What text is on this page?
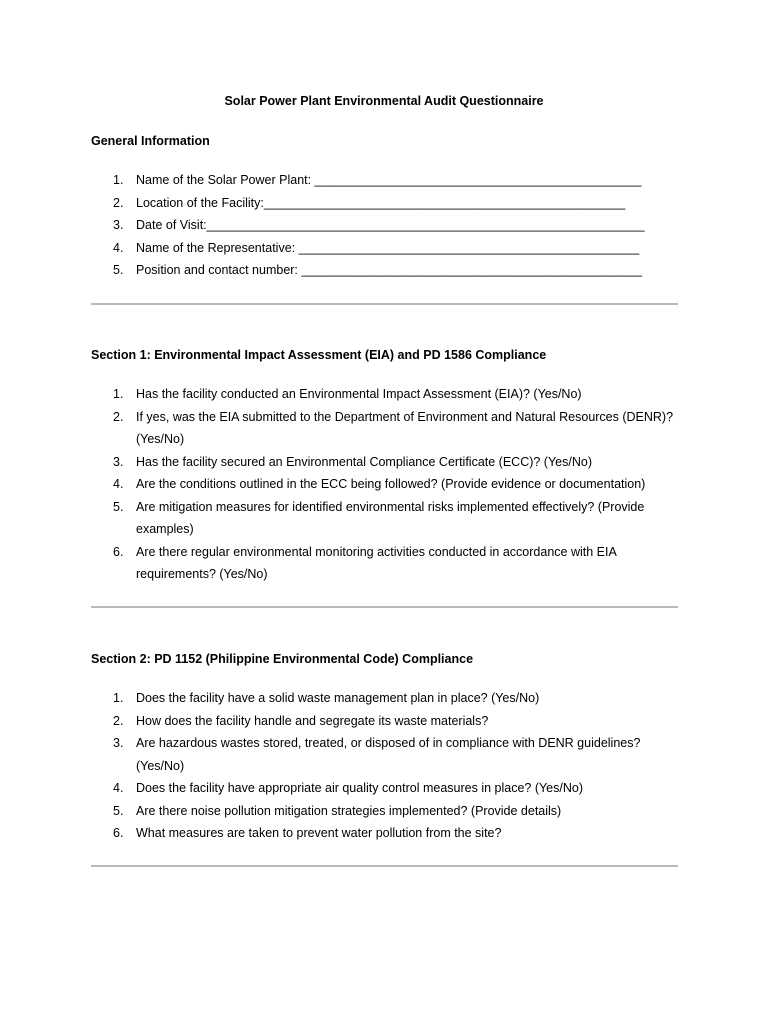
Solar Power Plant Environmental Audit Questionnaire
General Information
1. Name of the Solar Power Plant: _______________________________________________
2. Location of the Facility:____________________________________________________
3. Date of Visit:_______________________________________________________________
4. Name of the Representative: _________________________________________________
5. Position and contact number: _________________________________________________
Section 1: Environmental Impact Assessment (EIA) and PD 1586 Compliance
1. Has the facility conducted an Environmental Impact Assessment (EIA)? (Yes/No)
2. If yes, was the EIA submitted to the Department of Environment and Natural Resources (DENR)? (Yes/No)
3. Has the facility secured an Environmental Compliance Certificate (ECC)? (Yes/No)
4. Are the conditions outlined in the ECC being followed? (Provide evidence or documentation)
5. Are mitigation measures for identified environmental risks implemented effectively? (Provide examples)
6. Are there regular environmental monitoring activities conducted in accordance with EIA requirements? (Yes/No)
Section 2: PD 1152 (Philippine Environmental Code) Compliance
1. Does the facility have a solid waste management plan in place? (Yes/No)
2. How does the facility handle and segregate its waste materials?
3. Are hazardous wastes stored, treated, or disposed of in compliance with DENR guidelines? (Yes/No)
4. Does the facility have appropriate air quality control measures in place? (Yes/No)
5. Are there noise pollution mitigation strategies implemented? (Provide details)
6. What measures are taken to prevent water pollution from the site?
